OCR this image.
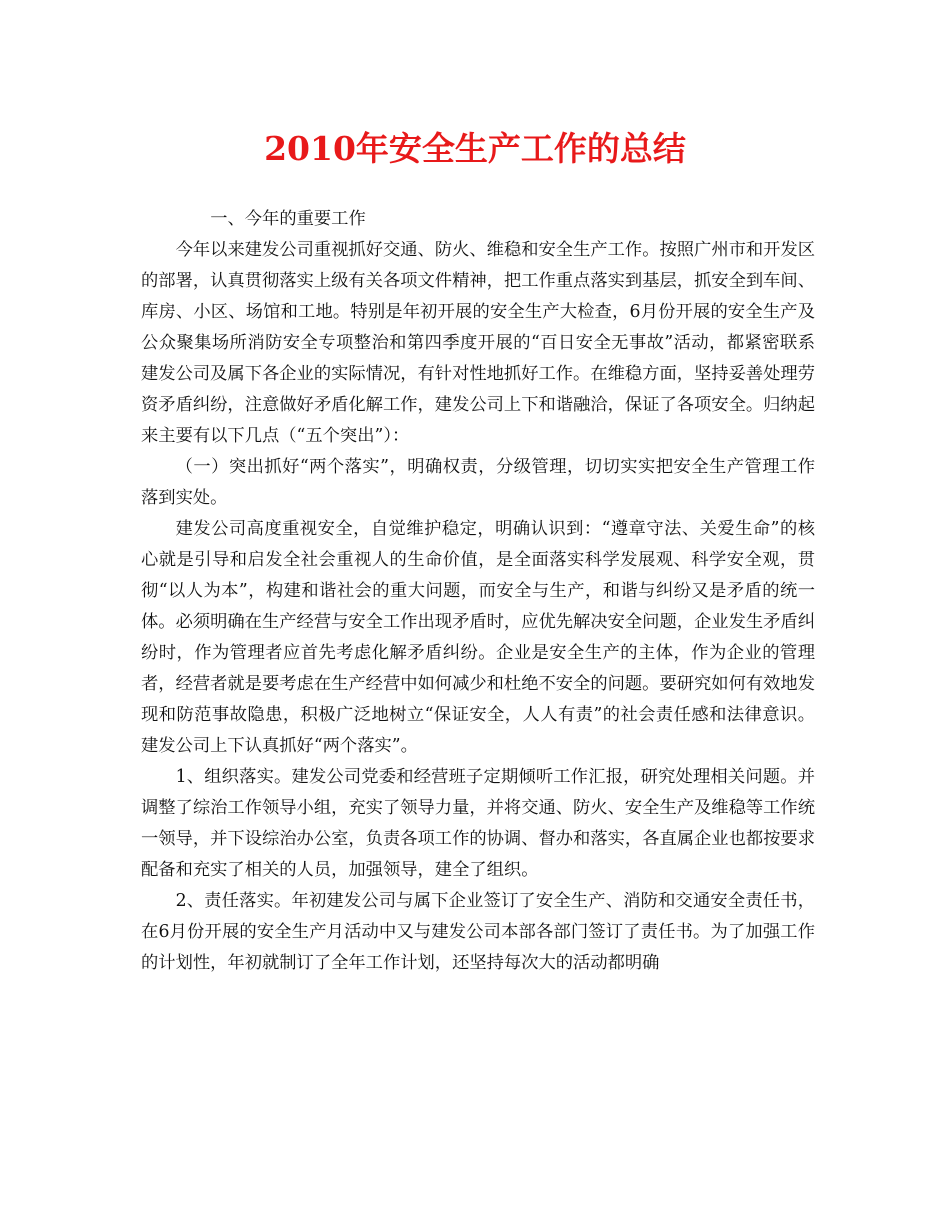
2010年安全生产工作的总结

一、今年的重要工作

今年以来建发公司重视抓好交通、防火、维稳和安全生产工作。按照广州市和开发区的部署，认真贯彻落实上级有关各项文件精神，把工作重点落实到基层，抓安全到车间、库房、小区、场馆和工地。特别是年初开展的安全生产大检查，6月份开展的安全生产及公众聚集场所消防安全专项整治和第四季度开展的“百日安全无事故”活动，都紧密联系建发公司及属下各企业的实际情况，有针对性地抓好工作。在维稳方面，坚持妥善处理劳资矛盾纠纷，注意做好矛盾化解工作，建发公司上下和谐融洽，保证了各项安全。归纳起来主要有以下几点（“五个突出”）：

（一）突出抓好“两个落实”，明确权责，分级管理，切切实实把安全生产管理工作落到实处。

建发公司高度重视安全，自觉维护稳定，明确认识到：“遵章守法、关爱生命”的核心就是引导和启发全社会重视人的生命价值，是全面落实科学发展观、科学安全观，贯彻“以人为本”，构建和谐社会的重大问题，而安全与生产，和谐与纠纷又是矛盾的统一体。必须明确在生产经营与安全工作出现矛盾时，应优先解决安全问题，企业发生矛盾纠纷时，作为管理者应首先考虑化解矛盾纠纷。企业是安全生产的主体，作为企业的管理者，经营者就是要考虑在生产经营中如何减少和杜绝不安全的问题。要研究如何有效地发现和防范事故隐患，积极广泛地树立“保证安全，人人有责”的社会责任感和法律意识。建发公司上下认真抓好“两个落实”。

1、组织落实。建发公司党委和经营班子定期倾听工作汇报，研究处理相关问题。并调整了综治工作领导小组，充实了领导力量，并将交通、防火、安全生产及维稳等工作统一领导，并下设综治办公室，负责各项工作的协调、督办和落实，各直属企业也都按要求配备和充实了相关的人员，加强领导，建全了组织。

2、责任落实。年初建发公司与属下企业签订了安全生产、消防和交通安全责任书，在6月份开展的安全生产月活动中又与建发公司本部各部门签订了责任书。为了加强工作的计划性，年初就制订了全年工作计划，还坚持每次大的活动都明确
